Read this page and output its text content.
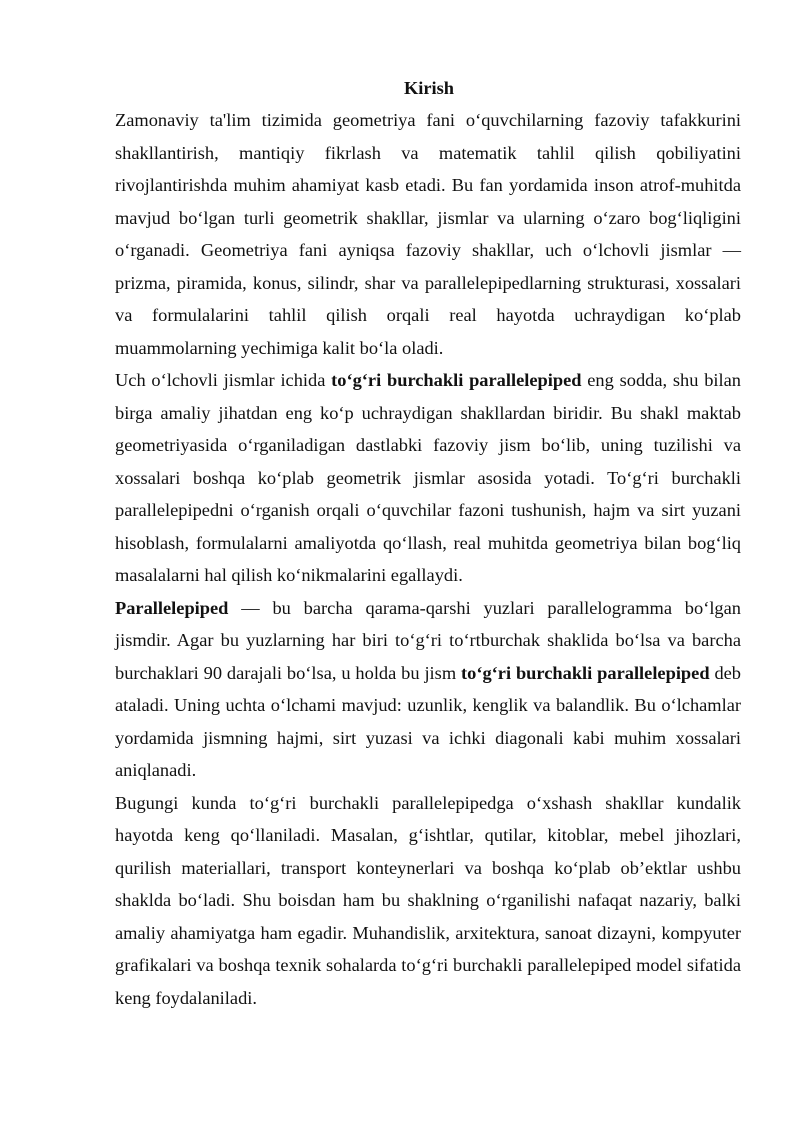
Kirish

Zamonaviy ta'lim tizimida geometriya fani o‘quvchilarning fazoviy tafakkurini shakllantirish, mantiqiy fikrlash va matematik tahlil qilish qobiliyatini rivojlantirishda muhim ahamiyat kasb etadi. Bu fan yordamida inson atrof-muhitda mavjud bo‘lgan turli geometrik shakllar, jismlar va ularning o‘zaro bog‘liqligini o‘rganadi. Geometriya fani ayniqsa fazoviy shakllar, uch o‘lchovli jismlar — prizma, piramida, konus, silindr, shar va parallelepipedlarning strukturasi, xossalari va formulalarini tahlil qilish orqali real hayotda uchraydigan ko‘plab muammolarning yechimiga kalit bo‘la oladi.

Uch o‘lchovli jismlar ichida to‘g‘ri burchakli parallelepiped eng sodda, shu bilan birga amaliy jihatdan eng ko‘p uchraydigan shakllardan biridir. Bu shakl maktab geometriyasida o‘rganiladigan dastlabki fazoviy jism bo‘lib, uning tuzilishi va xossalari boshqa ko‘plab geometrik jismlar asosida yotadi. To‘g‘ri burchakli parallelepipedni o‘rganish orqali o‘quvchilar fazoni tushunish, hajm va sirt yuzani hisoblash, formulalarni amaliyotda qo‘llash, real muhitda geometriya bilan bog‘liq masalalarni hal qilish ko‘nikmalarini egallaydi.

Parallelepiped — bu barcha qarama-qarshi yuzlari parallelogramma bo‘lgan jismdir. Agar bu yuzlarning har biri to‘g‘ri to‘rtburchak shaklida bo‘lsa va barcha burchaklari 90 darajali bo‘lsa, u holda bu jism to‘g‘ri burchakli parallelepiped deb ataladi. Uning uchta o‘lchami mavjud: uzunlik, kenglik va balandlik. Bu o‘lchamlar yordamida jismning hajmi, sirt yuzasi va ichki diagonali kabi muhim xossalari aniqlanadi.

Bugungi kunda to‘g‘ri burchakli parallelepipedga o‘xshash shakllar kundalik hayotda keng qo‘llaniladi. Masalan, g‘ishtlar, qutilar, kitoblar, mebel jihozlari, qurilish materiallari, transport konteynerlari va boshqa ko‘plab ob’ektlar ushbu shaklda bo‘ladi. Shu boisdan ham bu shaklning o‘rganilishi nafaqat nazariy, balki amaliy ahamiyatga ham egadir. Muhandislik, arxitektura, sanoat dizayni, kompyuter grafikalari va boshqa texnik sohalarda to‘g‘ri burchakli parallelepiped model sifatida keng foydalaniladi.
